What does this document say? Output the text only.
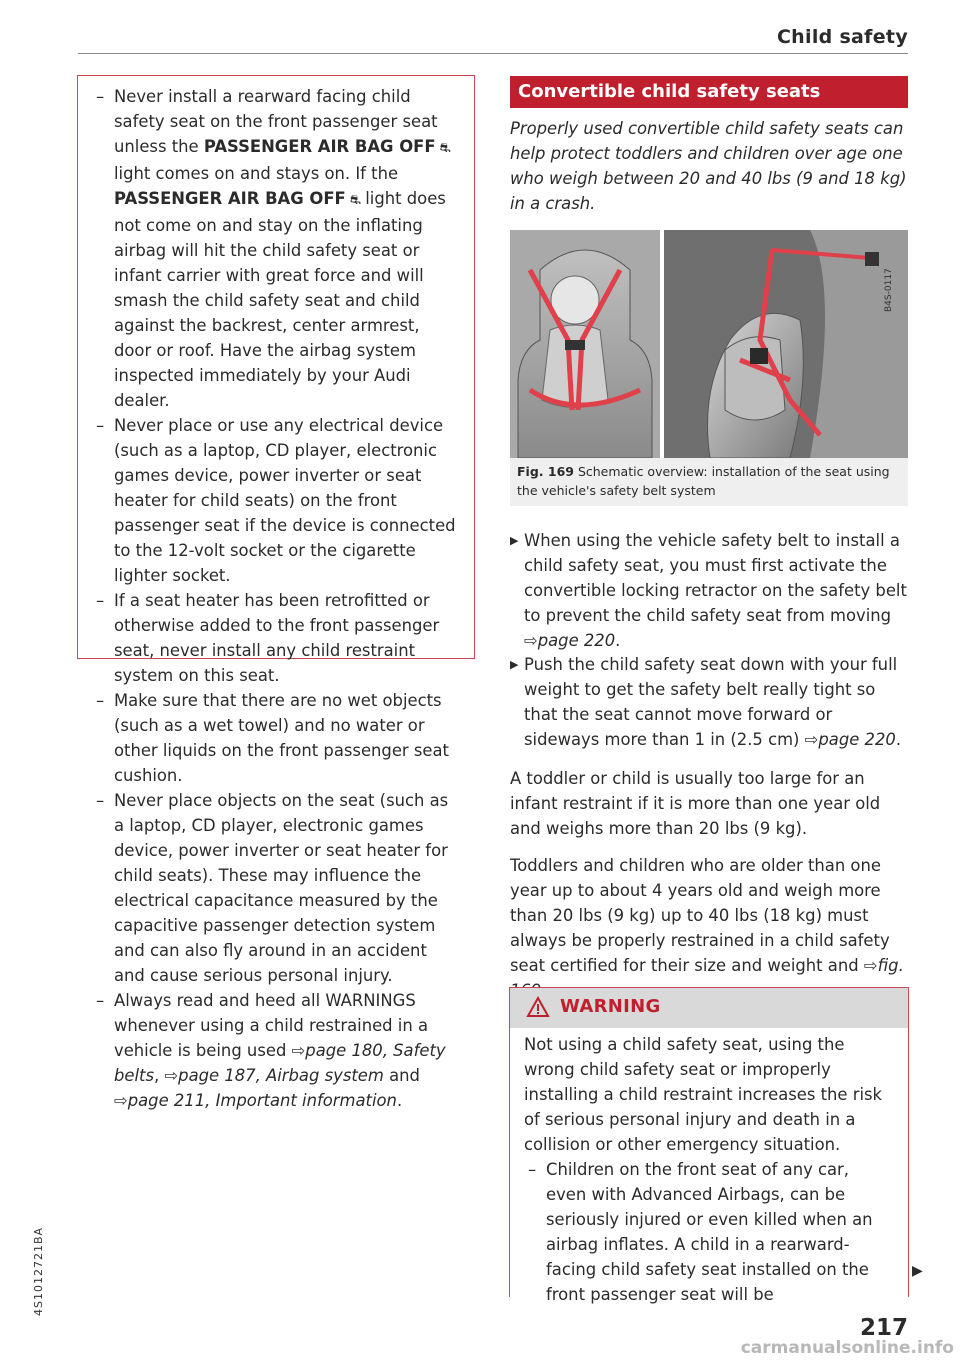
Child safety
– Never install a rearward facing child safety seat on the front passenger seat unless the PASSENGER AIR BAG OFF ⛐ light comes on and stays on. If the PASSENGER AIR BAG OFF ⛐ light does not come on and stay on the inflating airbag will hit the child safety seat or infant carrier with great force and will smash the child safety seat and child against the backrest, center armrest, door or roof. Have the airbag system inspected immediately by your Audi dealer.
– Never place or use any electrical device (such as a laptop, CD player, electronic games device, power inverter or seat heater for child seats) on the front passenger seat if the device is connected to the 12-volt socket or the cigarette lighter socket.
– If a seat heater has been retrofitted or otherwise added to the front passenger seat, never install any child restraint system on this seat.
– Make sure that there are no wet objects (such as a wet towel) and no water or other liquids on the front passenger seat cushion.
– Never place objects on the seat (such as a laptop, CD player, electronic games device, power inverter or seat heater for child seats). These may influence the electrical capacitance measured by the capacitive passenger detection system and can also fly around in an accident and cause serious personal injury.
– Always read and heed all WARNINGS whenever using a child restrained in a vehicle is being used ⇨page 180, Safety belts, ⇨page 187, Airbag system and ⇨page 211, Important information.
Convertible child safety seats
Properly used convertible child safety seats can help protect toddlers and children over age one who weigh between 20 and 40 lbs (9 and 18 kg) in a crash.
B4S-0117
Fig. 169 Schematic overview: installation of the seat using the vehicle's safety belt system
▶ When using the vehicle safety belt to install a child safety seat, you must first activate the convertible locking retractor on the safety belt to prevent the child safety seat from moving ⇨page 220.
▶ Push the child safety seat down with your full weight to get the safety belt really tight so that the seat cannot move forward or sideways more than 1 in (2.5 cm) ⇨page 220.
A toddler or child is usually too large for an infant restraint if it is more than one year old and weighs more than 20 lbs (9 kg).
Toddlers and children who are older than one year up to about 4 years old and weigh more than 20 lbs (9 kg) up to 40 lbs (18 kg) must always be properly restrained in a child safety seat certified for their size and weight and ⇨fig.
WARNING
Not using a child safety seat, using the wrong child safety seat or improperly installing a child restraint increases the risk of serious personal injury and death in a collision or other emergency situation.
– Children on the front seat of any car, even with Advanced Airbags, can be seriously injured or even killed when an airbag inflates. A child in a rearward-facing child safety seat installed on the front passenger seat will be
▶
217
4S1012721BA
carmanualsonline.info
